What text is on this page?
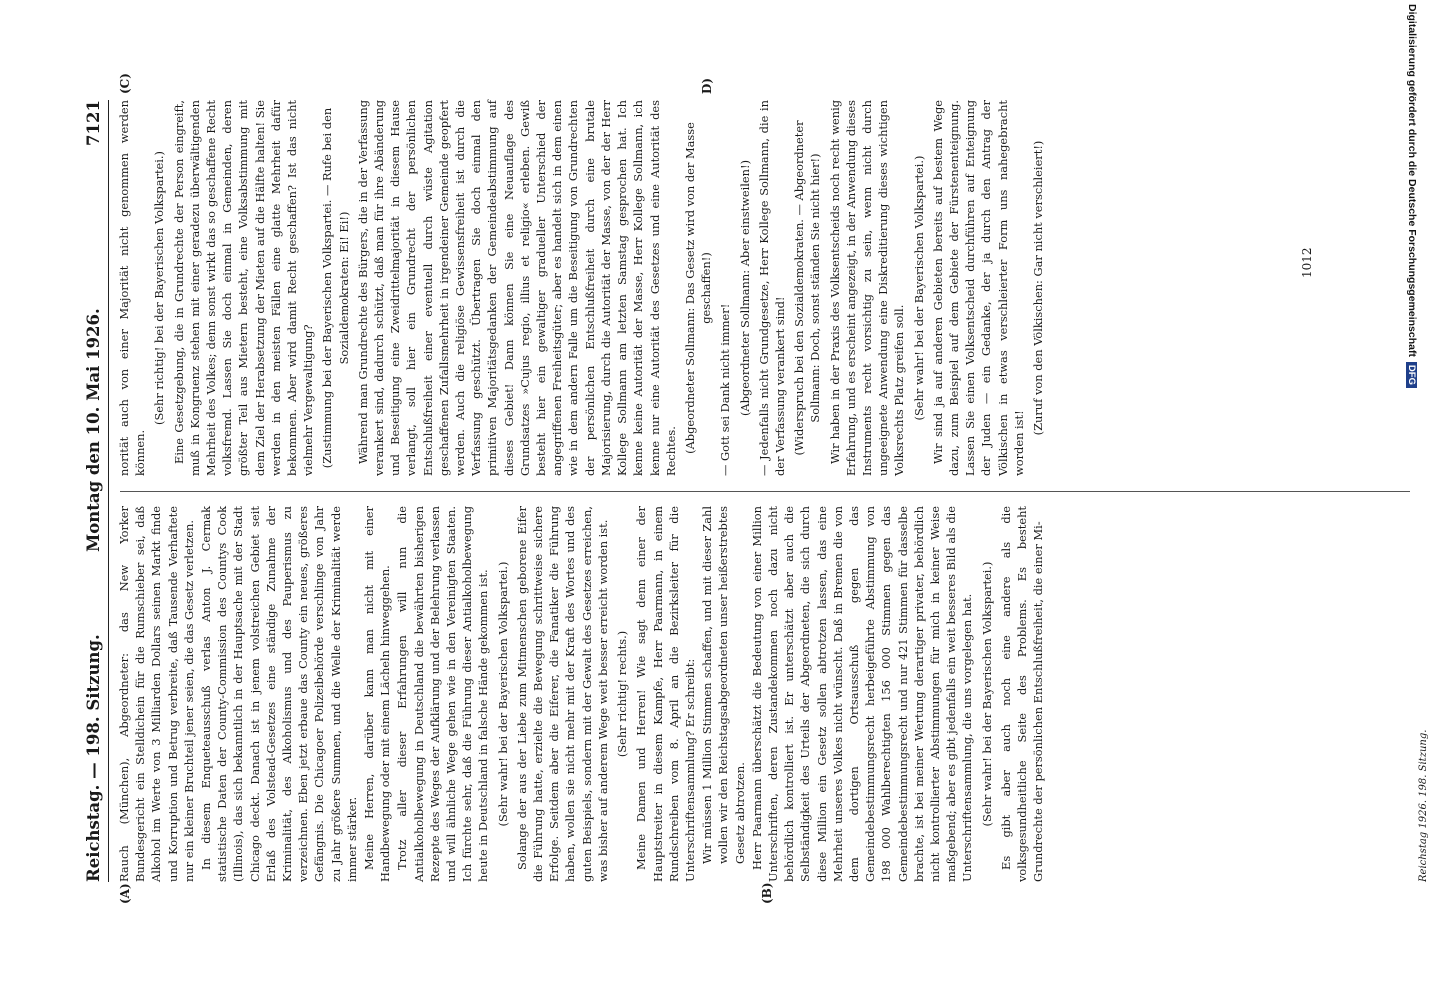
Reichstag. — 198. Sitzung.
Montag den 10. Mai 1926.
7121
(A)	(B)
(C)	D)

Rauch (München), Abgeordneter: das New Yorker Bundesgericht ein Stelldichein für die Rumschieber sei, daß Alkohol im Werte von 3 Milliarden Dollars seinen Markt finde und Korruption und Betrug verbreite, daß Tausende Verhaftete nur ein kleiner Bruchteil jener seien, die das Gesetz verletzen. In diesem Enqueteausschuß verlas Anton J. Cermak statistische Daten der County-Commission des Countys Cook (Illinois), das sich bekanntlich in der Hauptsache mit der Stadt Chicago deckt. Danach ist in jenem volstreichen Gebiet seit Erlaß des Volstead-Gesetzes eine ständige Zunahme der Kriminalität, des Alkoholismus und des Pauperismus zu verzeichnen. Eben jetzt erbaue das County ein neues, größeres Gefängnis. Die Chicagoer Polizeibehörde verschlinge von Jahr zu Jahr größere Summen, und die Welle der Kriminalität werde immer stärker. Meine Herren, darüber kann man nicht mit einer Handbewegung oder mit einem Lächeln hinweggehen. Trotz aller dieser Erfahrungen will nun die Antialkoholbewegung in Deutschland die bewährten bisherigen Rezepte des Weges der Aufklärung und der Belehrung verlassen und will ähnliche Wege gehen wie in den Vereinigten Staaten. Ich fürchte sehr, daß die Führung dieser Antialkoholbewegung heute in Deutschland in falsche Hände gekommen ist. (Sehr wahr! bei der Bayerischen Volkspartei.) Solange der aus der Liebe zum Mitmenschen geborene Eifer die Führung hatte, erzielte die Bewegung schrittweise sichere Erfolge. Seitdem aber die Eiferer, die Fanatiker die Führung haben, wollen sie nicht mehr mit der Kraft des Wortes und des guten Beispiels, sondern mit der Gewalt des Gesetzes erreichen, was bisher auf anderem Wege weit besser erreicht worden ist. (Sehr richtig! rechts.) Meine Damen und Herren! Wie sagt denn einer der Hauptstreiter in diesem Kampfe, Herr Paarmann, in einem Rundschreiben vom 8. April an die Bezirksleiter für die Unterschriftensammlung? Er schreibt: Wir müssen 1 Million Stimmen schaffen, und mit dieser Zahl wollen wir den Reichstagsabgeordneten unser heißerstrebtes Gesetz abtrotzen. Herr Paarmann überschätzt die Bedeutung von einer Million Unterschriften, deren Zustandekommen noch dazu nicht behördlich kontrolliert ist. Er unterschätzt aber auch die Selbständigkeit des Urteils der Abgeordneten, die sich durch diese Million ein Gesetz sollen abtrotzen lassen, das eine Mehrheit unseres Volkes nicht wünscht. Daß in Bremen die von dem dortigen Ortsausschuß gegen das Gemeindebestimmungsrecht herbeigeführte Abstimmung von 198 000 Wahlberechtigten 156 000 Stimmen gegen das Gemeindebestimmungsrecht und nur 421 Stimmen für dasselbe brachte, ist bei meiner Wertung derartiger privater, behördlich nicht kontrollierter Abstimmungen für mich in keiner Weise maßgebend; aber es gibt jedenfalls ein weit besseres Bild als die Unterschriftensammlung, die uns vorgelegen hat. (Sehr wahr! bei der Bayerischen Volkspartei.) Es gibt aber auch noch eine andere als die volksgesundheitliche Seite des Problems. Es besteht Grundrechte der persönlichen Entschlußfreiheit, die einer Mi-

norität auch von einer Majorität nicht genommen werden können.

(Sehr richtig! bei der Bayerischen Volkspartei.) Eine Gesetzgebung, die in Grundrechte der Person eingreift, muß in Kongruenz stehen mit einer geradezu überwältigenden Mehrheit des Volkes; denn sonst wirkt das so geschaffene Recht volksfremd. Lassen Sie doch einmal in Gemeinden, deren größter Teil aus Mietern besteht, eine Volksabstimmung mit dem Ziel der Herabsetzung der Mieten auf die Hälfte halten! Sie werden in den meisten Fällen eine glatte Mehrheit dafür bekommen. Aber wird damit Recht geschaffen? Ist das nicht vielmehr Vergewaltigung? (Zustimmung bei der Bayerischen Volkspartei. — Rufe bei den Sozialdemokraten: Ei! Ei!) Während man Grundrechte des Bürgers, die in der Verfassung verankert sind, dadurch schützt, daß man für ihre Abänderung und Beseitigung eine Zweidrittelmajorität in diesem Hause verlangt, soll hier ein Grundrecht der persönlichen Entschlußfreiheit einer eventuell durch wüste Agitation geschaffenen Zufallsmehrheit in irgendeiner Gemeinde geopfert werden. Auch die religiöse Gewissensfreiheit ist durch die Verfassung geschützt. Übertragen Sie doch einmal den primitiven Majoritätsgedanken der Gemeindeabstimmung auf dieses Gebiet! Dann können Sie eine Neuauflage des Grundsatzes »Cujus regio, illius et religio« erleben. Gewiß besteht hier ein gewaltiger gradueller Unterschied der angegriffenen Freiheitsgüter; aber es handelt sich in dem einen wie in dem andern Falle um die Beseitigung von Grundrechten der persönlichen Entschlußfreiheit durch eine brutale Majorisierung, durch die Autorität der Masse, von der der Herr Kollege Sollmann am letzten Samstag gesprochen hat. Ich kenne keine Autorität der Masse, Herr Kollege Sollmann, ich kenne nur eine Autorität des Gesetzes und eine Autorität des Rechtes. (Abgeordneter Sollmann: Das Gesetz wird von der Masse geschaffen!)

— Gott sei Dank nicht immer! (Abgeordneter Sollmann: Aber einstweilen!) — Jedenfalls nicht Grundgesetze, Herr Kollege Sollmann, die in der Verfassung verankert sind! (Widerspruch bei den Sozialdemokraten. — Abgeordneter Sollmann: Doch, sonst ständen Sie nicht hier!) Wir haben in der Praxis des Volksentscheids noch recht wenig Erfahrung, und es erscheint angezeigt, in der Anwendung dieses Instruments recht vorsichtig zu sein, wenn nicht durch ungeeignete Anwendung eine Diskreditierung dieses wichtigen Volksrechts Platz greifen soll. (Sehr wahr! bei der Bayerischen Volkspartei.) Wir sind ja auf anderen Gebieten bereits auf bestem Wege dazu, zum Beispiel auf dem Gebiete der Fürstenenteignung. Lassen Sie einen Volksentscheid durchführen auf Enteignung der Juden — ein Gedanke, der ja durch den Antrag der Völkischen in etwas verschleierter Form uns nahegebracht worden ist!

(Zuruf von den Völkischen: Gar nicht verschleiert!)

Reichstag 1926. 198. Sitzung.
1012	Digitalisierung gefördert durch die Deutsche Forschungsgemeinschaft DFG
